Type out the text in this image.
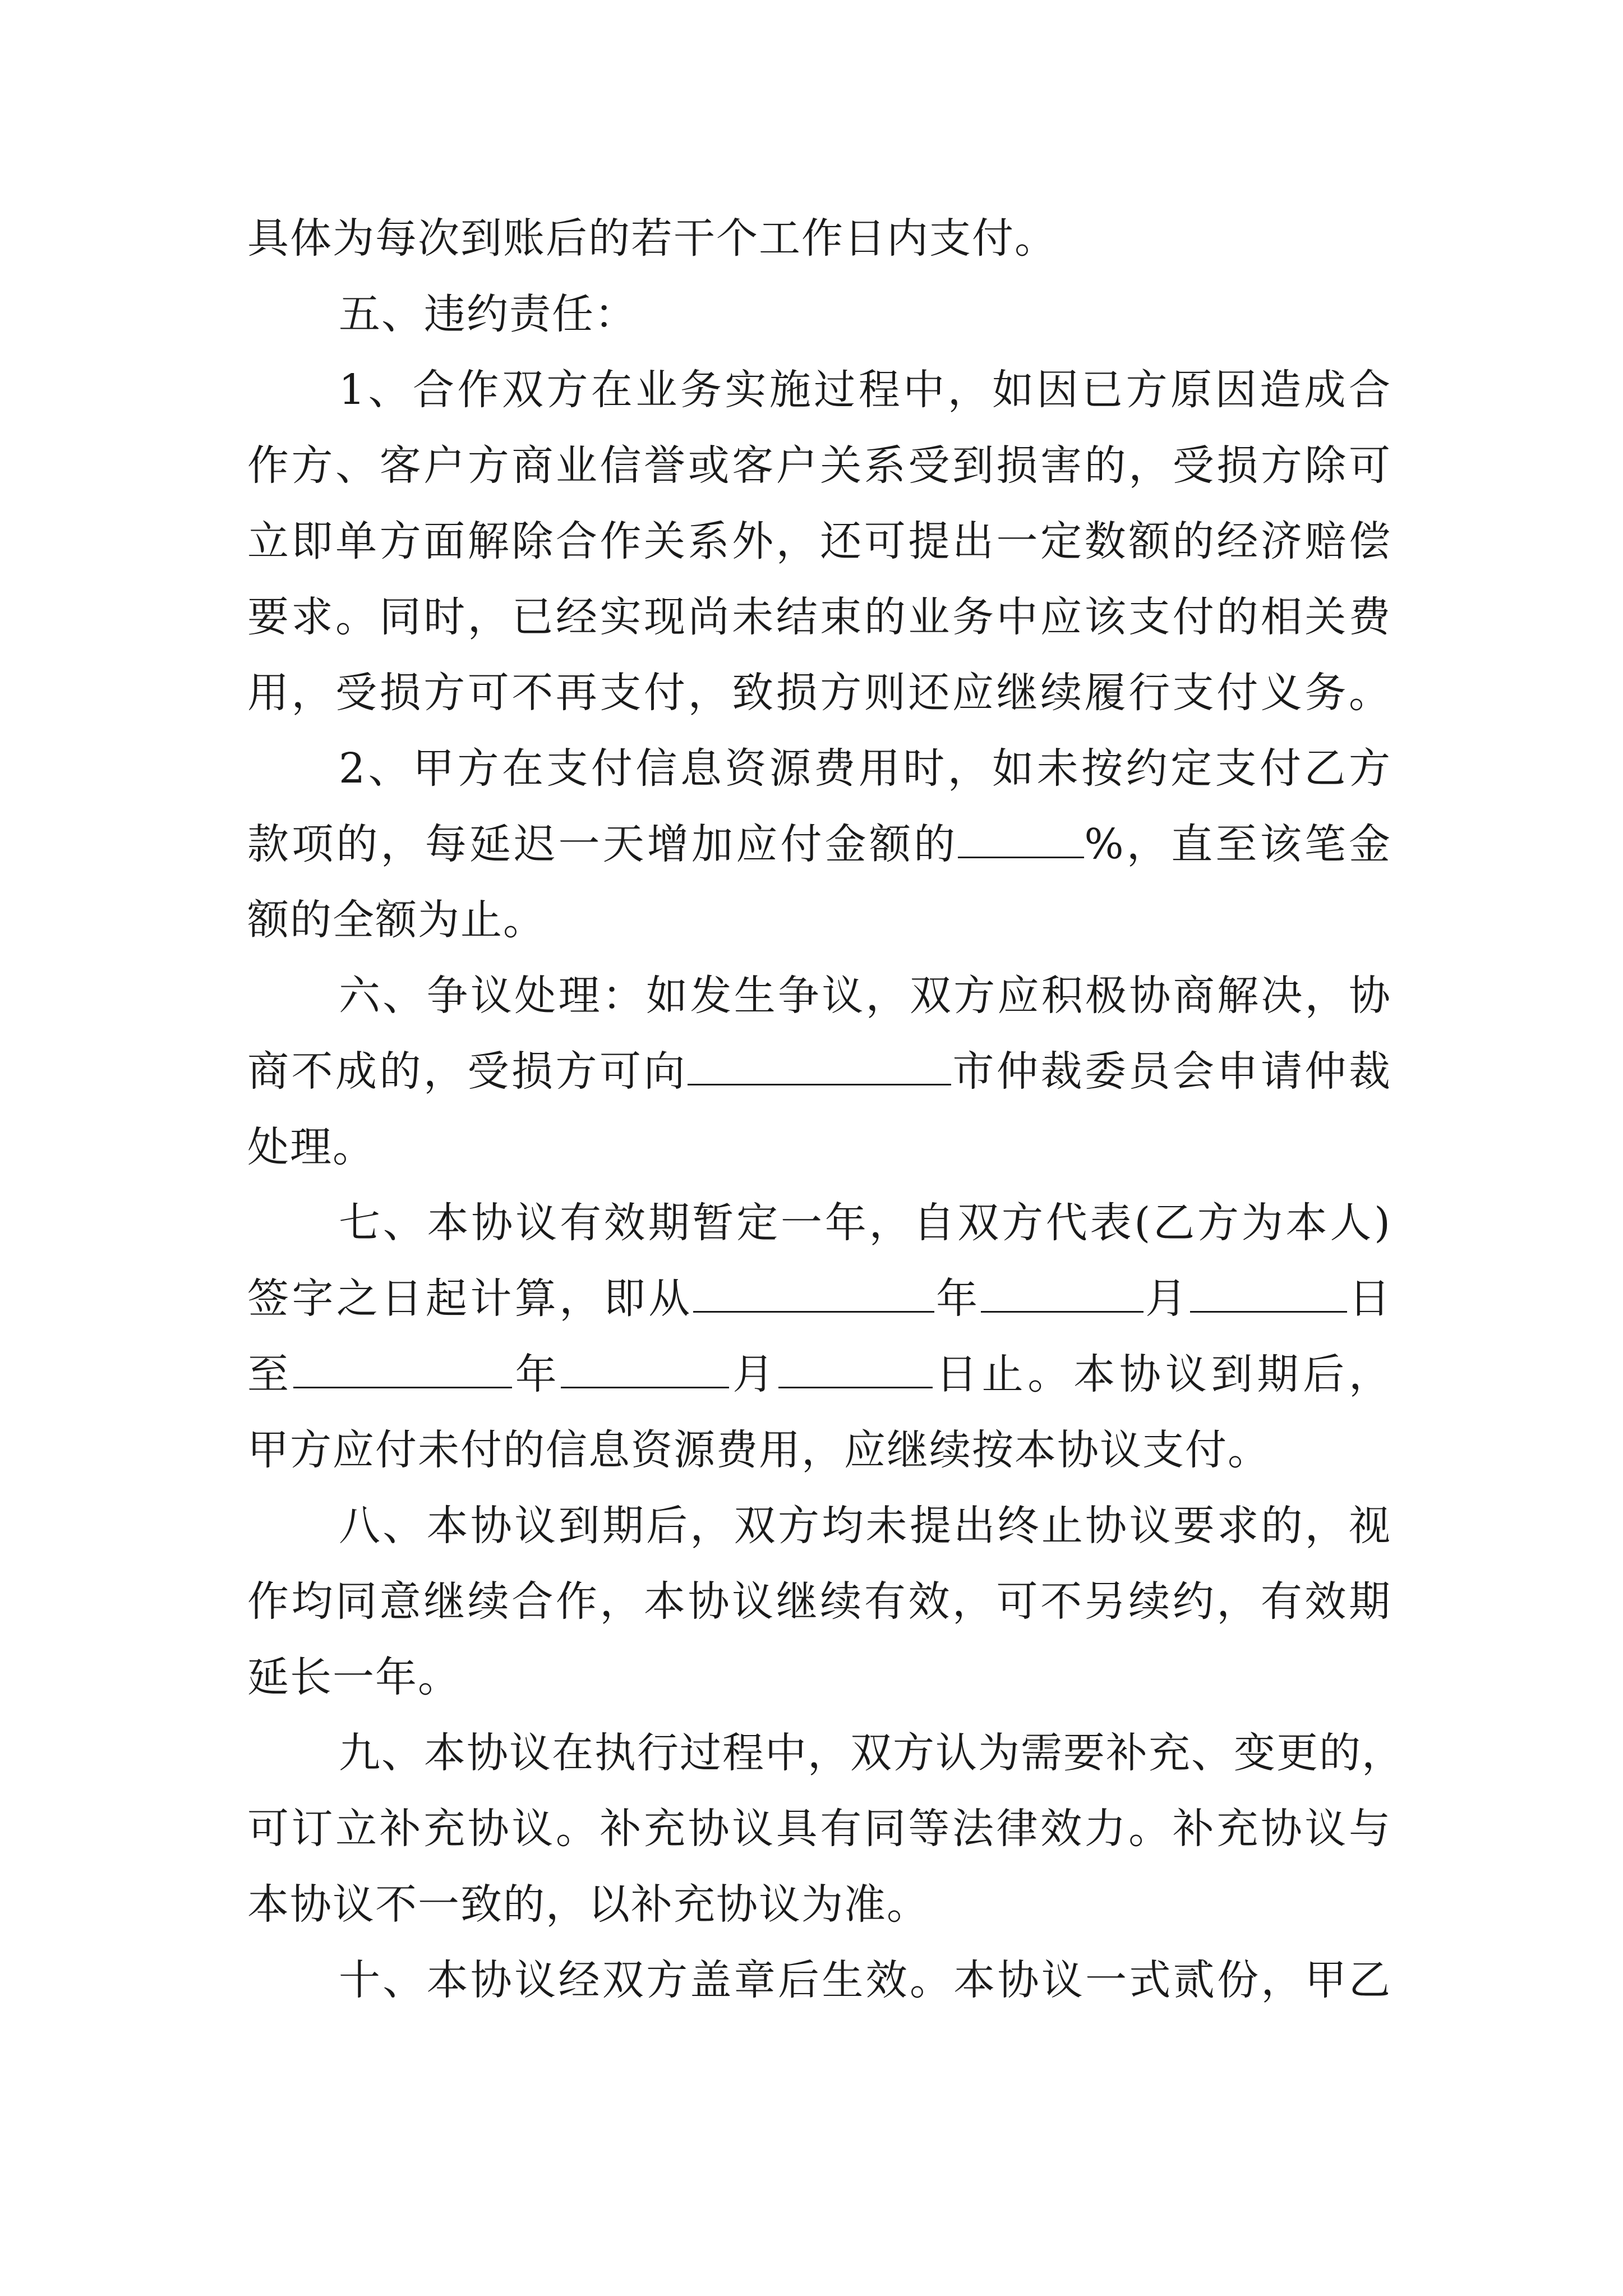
具体为每次到账后的若干个工作日内支付。
五、违约责任：
1、合作双方在业务实施过程中，如因已方原因造成合
作方、客户方商业信誉或客户关系受到损害的，受损方除可
立即单方面解除合作关系外，还可提出一定数额的经济赔偿
要求。同时，已经实现尚未结束的业务中应该支付的相关费
用，受损方可不再支付，致损方则还应继续履行支付义务。
2、甲方在支付信息资源费用时，如未按约定支付乙方
款项的，每延迟一天增加应付金额的	%，直至该笔金
额的全额为止。
六、争议处理：如发生争议，双方应积极协商解决，协
商不成的，受损方可向	市仲裁委员会申请仲裁
处理。
七、本协议有效期暂定一年，自双方代表(乙方为本人)
签字之日起计算，即从	年	月	日
至	年	月	日止。本协议到期后，
甲方应付未付的信息资源费用，应继续按本协议支付。
八、本协议到期后，双方均未提出终止协议要求的，视
作均同意继续合作，本协议继续有效，可不另续约，有效期
延长一年。
九、本协议在执行过程中，双方认为需要补充、变更的，
可订立补充协议。补充协议具有同等法律效力。补充协议与
本协议不一致的，以补充协议为准。
十、本协议经双方盖章后生效。本协议一式贰份，甲乙
